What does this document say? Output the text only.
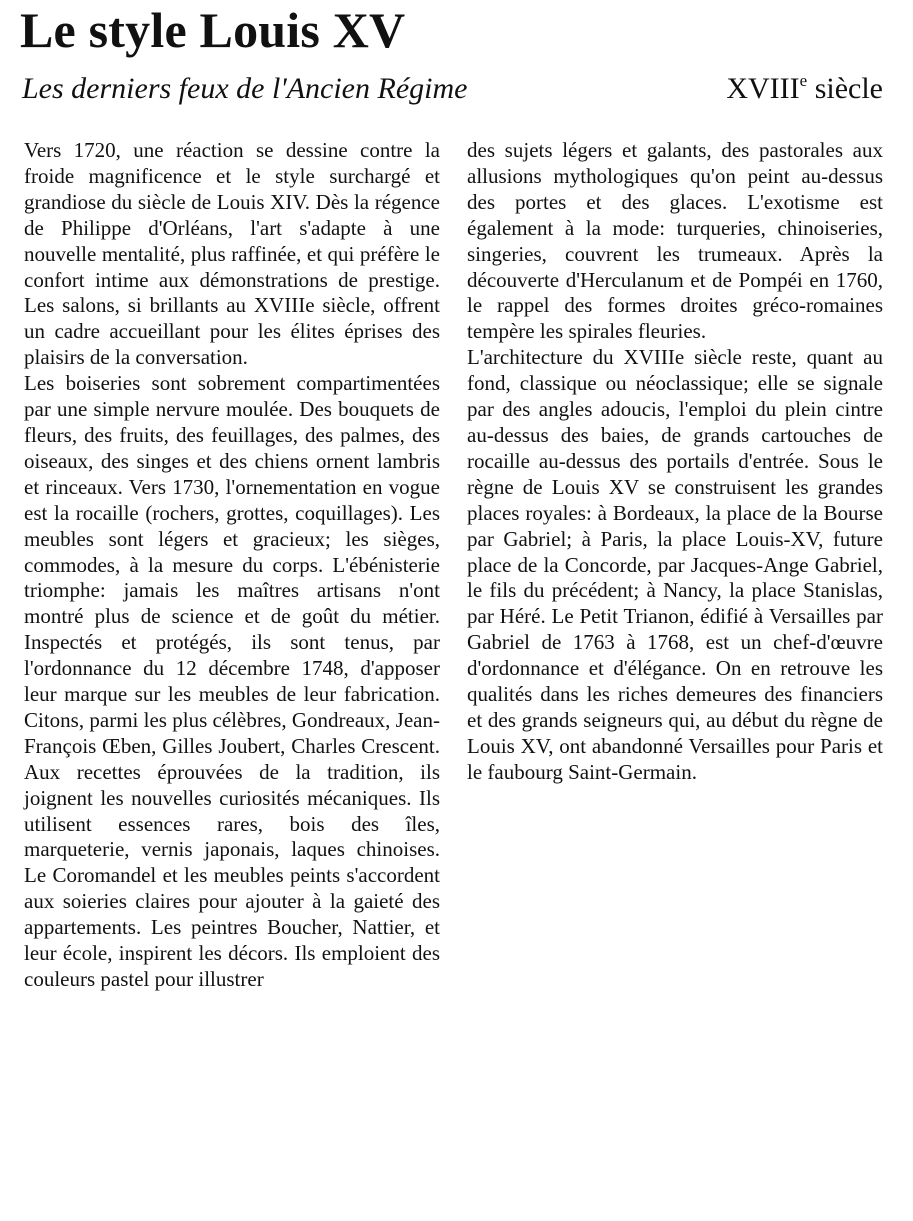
Le style Louis XV
Les derniers feux de l'Ancien Régime	XVIIIe siècle

Vers 1720, une réaction se dessine contre la froide magnificence et le style surchargé et grandiose du siècle de Louis XIV. Dès la régence de Philippe d'Orléans, l'art s'adapte à une nouvelle mentalité, plus raffinée, et qui préfère le confort intime aux démonstrations de prestige. Les salons, si brillants au XVIIIe siècle, offrent un cadre accueillant pour les élites éprises des plaisirs de la conversation.

Les boiseries sont sobrement compartimentées par une simple nervure moulée. Des bouquets de fleurs, des fruits, des feuillages, des palmes, des oiseaux, des singes et des chiens ornent lambris et rinceaux. Vers 1730, l'ornementation en vogue est la rocaille (rochers, grottes, coquillages). Les meubles sont légers et gracieux; les sièges, commodes, à la mesure du corps. L'ébénisterie triomphe: jamais les maîtres artisans n'ont montré plus de science et de goût du métier. Inspectés et protégés, ils sont tenus, par l'ordonnance du 12 décembre 1748, d'apposer leur marque sur les meubles de leur fabrication. Citons, parmi les plus célèbres, Gondreaux, Jean-François Œben, Gilles Joubert, Charles Crescent. Aux recettes éprouvées de la tradition, ils joignent les nouvelles curiosités mécaniques. Ils utilisent essences rares, bois des îles, marqueterie, vernis japonais, laques chinoises. Le Coromandel et les meubles peints s'accordent aux soieries claires pour ajouter à la gaieté des appartements. Les peintres Boucher, Nattier, et leur école, inspirent les décors. Ils emploient des couleurs pastel pour illustrer

des sujets légers et galants, des pastorales aux allusions mythologiques qu'on peint au-dessus des portes et des glaces. L'exotisme est également à la mode: turqueries, chinoiseries, singeries, couvrent les trumeaux. Après la découverte d'Herculanum et de Pompéi en 1760, le rappel des formes droites gréco-romaines tempère les spirales fleuries.

L'architecture du XVIIIe siècle reste, quant au fond, classique ou néoclassique; elle se signale par des angles adoucis, l'emploi du plein cintre au-dessus des baies, de grands cartouches de rocaille au-dessus des portails d'entrée. Sous le règne de Louis XV se construisent les grandes places royales: à Bordeaux, la place de la Bourse par Gabriel; à Paris, la place Louis-XV, future place de la Concorde, par Jacques-Ange Gabriel, le fils du précédent; à Nancy, la place Stanislas, par Héré. Le Petit Trianon, édifié à Versailles par Gabriel de 1763 à 1768, est un chef-d'œuvre d'ordonnance et d'élégance. On en retrouve les qualités dans les riches demeures des financiers et des grands seigneurs qui, au début du règne de Louis XV, ont abandonné Versailles pour Paris et le faubourg Saint-Germain.
